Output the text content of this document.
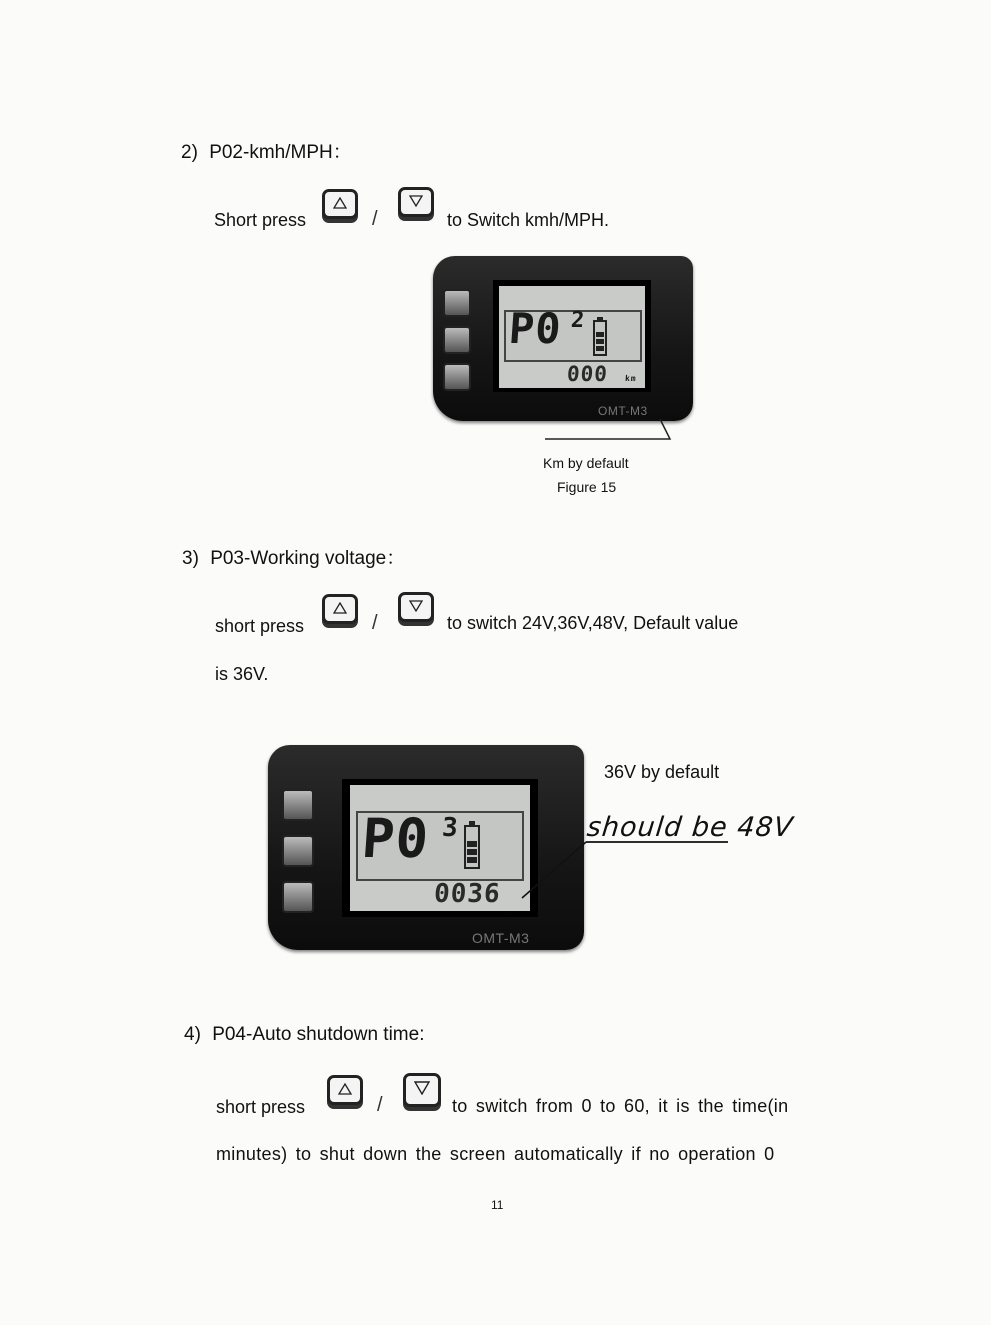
2) P02-kmh/MPH：
Short press	/	to Switch kmh/MPH.
P0 2
000 km
OMT-M3
Km by default
Figure 15
3) P03-Working voltage：
short press	/	to switch 24V,36V,48V, Default value
is 36V.
P0 3
0036
OMT-M3
36V by default
should be 48V
4) P04-Auto shutdown time:
short press	/	to switch from 0 to 60, it is the time(in
minutes) to shut down the screen automatically if no operation 0
11
